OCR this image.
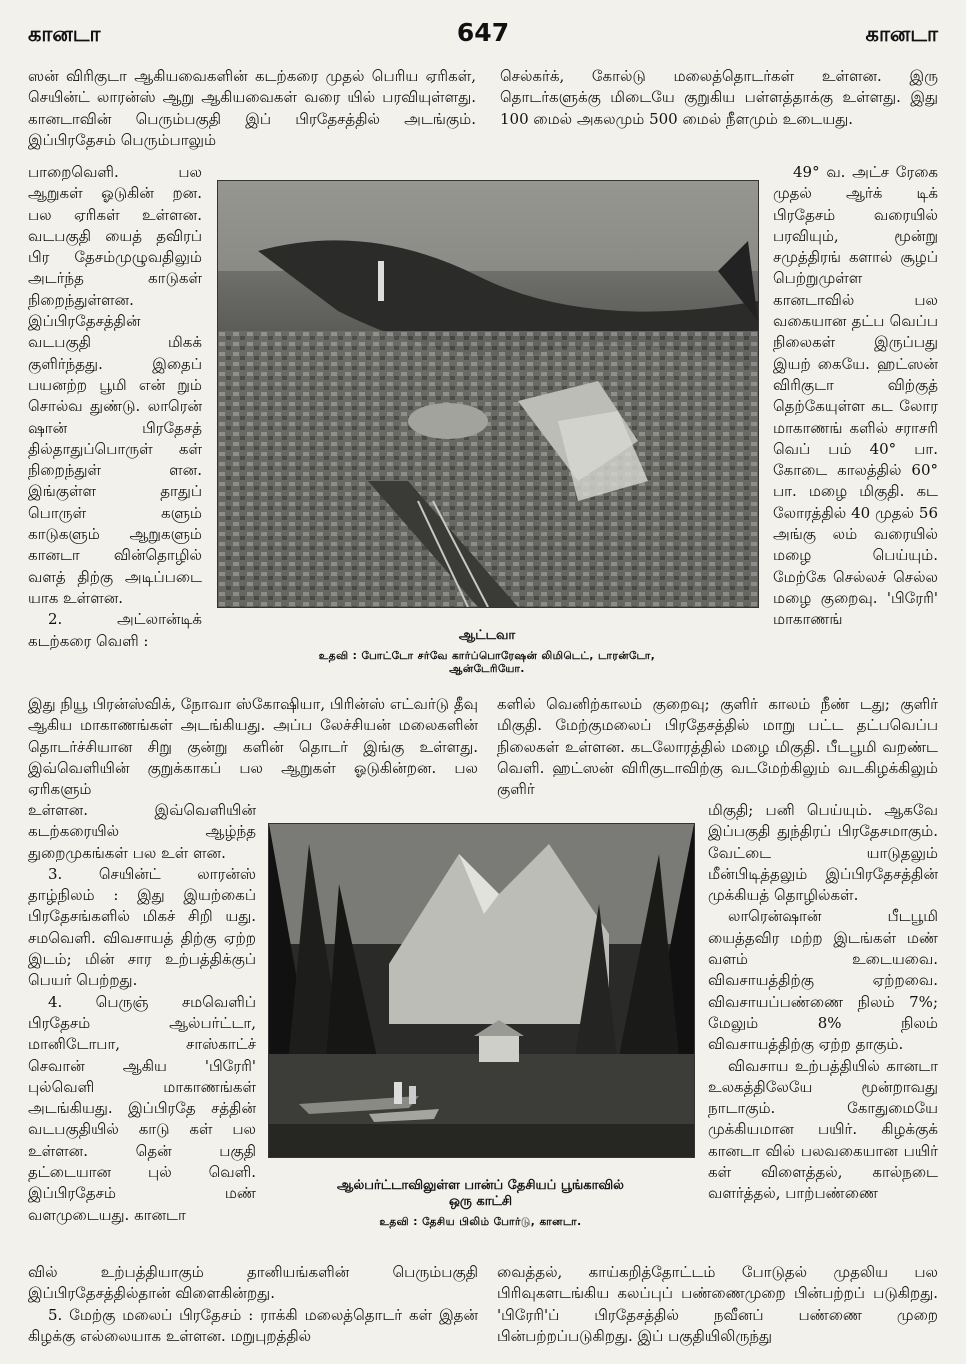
கானடா	647	கானடா

ஸன் விரிகுடா ஆகியவைகளின் கடற்கரை முதல் பெரிய ஏரிகள், செயின்ட் லாரன்ஸ் ஆறு ஆகியவைகள் வரை யில் பரவியுள்ளது. கானடாவின் பெரும்பகுதி இப் பிரதேசத்தில் அடங்கும். இப்பிரதேசம் பெரும்பாலும்

செல்கர்க், கோல்டு மலைத்தொடர்கள் உள்ளன. இரு தொடர்களுக்கு மிடையே குறுகிய பள்ளத்தாக்கு உள்ளது. இது 100 மைல் அகலமும் 500 மைல் நீளமும் உடையது.

பாறைவெளி. பல ஆறுகள் ஓடுகின் றன. பல ஏரிகள் உள்ளன. வடபகுதி யைத் தவிரப் பிர தேசம்முழுவதிலும் அடர்ந்த காடுகள் நிறைந்துள்ளன. இப்பிரதேசத்தின் வடபகுதி மிகக் குளிர்ந்தது. இதைப் பயனற்ற பூமி என் றும் சொல்வ துண்டு. லாரென் ஷான் பிரதேசத் தில்தாதுப்பொருள் கள் நிறைந்துள் ளன. இங்குள்ள தாதுப் பொருள் களும் காடுகளும் ஆறுகளும் கானடா வின்தொழில் வளத் திற்கு அடிப்படை யாக உள்ளன.

2. அட்லான்டிக் கடற்கரை வெளி :

49° வ. அட்ச ரேகை முதல் ஆர்க் டிக் பிரதேசம் வரையில் பரவியும், மூன்று சமுத்திரங் களால் சூழப் பெற்றுமுள்ள கானடாவில் பல வகையான தட்ப வெப்ப நிலைகள் இருப்பது இயற் கையே. ஹட்ஸன் விரிகுடா விற்குத் தெற்கேயுள்ள கட லோர மாகாணங் களில் சராசரி வெப் பம் 40° பா. கோடை காலத்தில் 60° பா. மழை மிகுதி. கட லோரத்தில் 40 முதல் 56 அங்கு லம் வரையில் மழை பெய்யும். மேற்கே செல்லச் செல்ல மழை குறைவு. 'பிரேரி' மாகாணங்

ஆட்டவா
உதவி : போட்டோ சர்வே கார்ப்பொரேஷன் லிமிடெட், டாரன்டோ,
ஆன்டேரியோ.

இது நியூ பிரன்ஸ்விக், நோவா ஸ்கோஷியா, பிரின்ஸ் எட்வர்டு தீவு ஆகிய மாகாணங்கள் அடங்கியது. அப்ப லேச்சியன் மலைகளின் தொடர்ச்சியான சிறு குன்று களின் தொடர் இங்கு உள்ளது. இவ்வெளியின் குறுக்காகப் பல ஆறுகள் ஓடுகின்றன. பல ஏரிகளும்

களில் வெனிற்காலம் குறைவு; குளிர் காலம் நீண் டது; குளிர் மிகுதி. மேற்குமலைப் பிரதேசத்தில் மாறு பட்ட தட்பவெப்ப நிலைகள் உள்ளன. கடலோரத்தில் மழை மிகுதி. பீடபூமி வறண்ட வெளி. ஹட்ஸன் விரிகுடாவிற்கு வடமேற்கிலும் வடகிழக்கிலும் குளிர்

உள்ளன. இவ்வெளியின் கடற்கரையில் ஆழ்ந்த துறைமுகங்கள் பல உள் ளன.

3. செயின்ட் லாரன்ஸ் தாழ்நிலம் : இது இயற்கைப் பிரதேசங்களில் மிகச் சிறி யது. சமவெளி. விவசாயத் திற்கு ஏற்ற இடம்; மின் சார உற்பத்திக்குப் பெயர் பெற்றது.

4. பெருஞ் சமவெளிப் பிரதேசம் ஆல்பர்ட்டா, மானிடோபா, சாஸ்காட்ச் செவான் ஆகிய 'பிரேரி' புல்வெளி மாகாணங்கள் அடங்கியது. இப்பிரதே சத்தின் வடபகுதியில் காடு கள் பல உள்ளன. தென் பகுதி தட்டையான புல் வெளி. இப்பிரதேசம் மண் வளமுடையது. கானடா

மிகுதி; பனி பெய்யும். ஆகவே இப்பகுதி துந்திரப் பிரதேசமாகும். வேட்டை யாடுதலும் மீன்பிடித்தலும் இப்பிரதேசத்தின் முக்கியத் தொழில்கள்.

லாரென்ஷான் பீடபூமி யைத்தவிர மற்ற இடங்கள் மண் வளம் உடையவை. விவசாயத்திற்கு ஏற்றவை. விவசாயப்பண்ணை நிலம் 7%; மேலும் 8% நிலம் விவசாயத்திற்கு ஏற்ற தாகும்.

விவசாய உற்பத்தியில் கானடா உலகத்திலேயே மூன்றாவது நாடாகும். கோதுமையே முக்கியமான பயிர். கிழக்குக் கானடா வில் பலவகையான பயிர் கள் விளைத்தல், கால்நடை வளர்த்தல், பாற்பண்ணை

ஆல்பர்ட்டாவிலுள்ள பான்ப் தேசியப் பூங்காவில்
ஒரு காட்சி
உதவி : தேசிய பிலிம் போர்டு, கானடா.

வில் உற்பத்தியாகும் தானியங்களின் பெரும்பகுதி இப்பிரதேசத்தில்தான் விளைகின்றது.

5. மேற்கு மலைப் பிரதேசம் : ராக்கி மலைத்தொடர் கள் இதன் கிழக்கு எல்லையாக உள்ளன. மறுபுறத்தில்

வைத்தல், காய்கறித்தோட்டம் போடுதல் முதலிய பல பிரிவுகளடங்கிய கலப்புப் பண்ணைமுறை பின்பற்றப் படுகிறது. 'பிரேரி'ப் பிரதேசத்தில் நவீனப் பண்ணை முறை பின்பற்றப்படுகிறது. இப் பகுதியிலிருந்து
